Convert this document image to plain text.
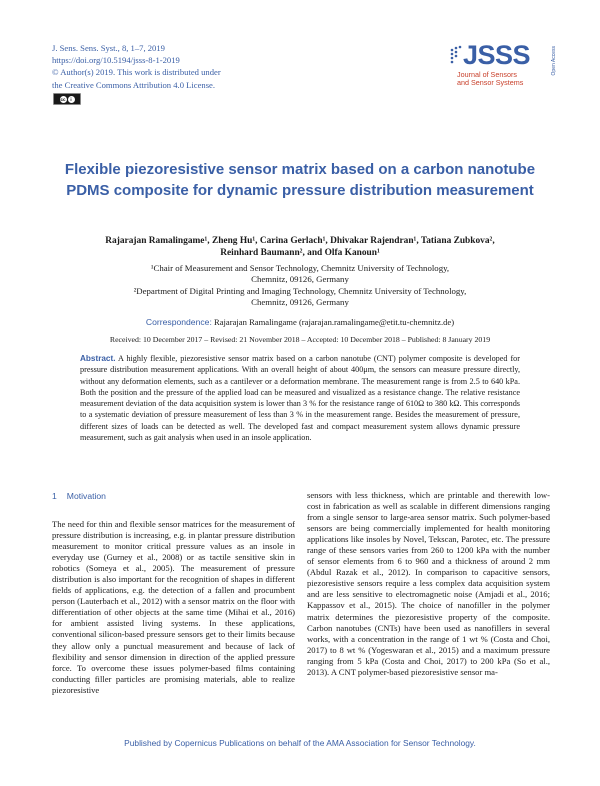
J. Sens. Sens. Syst., 8, 1–7, 2019
https://doi.org/10.5194/jsss-8-1-2019
© Author(s) 2019. This work is distributed under
the Creative Commons Attribution 4.0 License.
cc	i
JSSS	Open Access
Journal of Sensors
and Sensor Systems
Flexible piezoresistive sensor matrix based on a carbon nanotube PDMS composite for dynamic pressure distribution measurement
Rajarajan Ramalingame¹, Zheng Hu¹, Carina Gerlach¹, Dhivakar Rajendran¹, Tatiana Zubkova²,
Reinhard Baumann², and Olfa Kanoun¹
¹Chair of Measurement and Sensor Technology, Chemnitz University of Technology,
Chemnitz, 09126, Germany
²Department of Digital Printing and Imaging Technology, Chemnitz University of Technology,
Chemnitz, 09126, Germany
Correspondence: Rajarajan Ramalingame (rajarajan.ramalingame@etit.tu-chemnitz.de)
Received: 10 December 2017 – Revised: 21 November 2018 – Accepted: 10 December 2018 – Published: 8 January 2019
Abstract. A highly flexible, piezoresistive sensor matrix based on a carbon nanotube (CNT) polymer composite is developed for pressure distribution measurement applications. With an overall height of about 400μm, the sensors can measure pressure directly, without any deformation elements, such as a cantilever or a deformation membrane. The measurement range is from 2.5 to 640 kPa. Both the position and the pressure of the applied load can be measured and visualized as a resistance change. The relative resistance measurement deviation of the data acquisition system is lower than 3 % for the resistance range of 610Ω to 380 kΩ. This corresponds to a systematic deviation of pressure measurement of less than 3 % in the measurement range. Besides the measurement of pressure, different sizes of loads can be detected as well. The developed fast and compact measurement system allows dynamic pressure measurement, such as gait analysis when used in an insole application.
1 Motivation
The need for thin and flexible sensor matrices for the measurement of pressure distribution is increasing, e.g. in plantar pressure distribution measurement to monitor critical pressure values as an insole in everyday use (Gurney et al., 2008) or as tactile sensitive skin in robotics (Someya et al., 2005). The measurement of pressure distribution is also important for the recognition of shapes in different fields of applications, e.g. the detection of a fallen and procumbent person (Lauterbach et al., 2012) with a sensor matrix on the floor with differentiation of other objects at the same time (Mihai et al., 2016) for ambient assisted living systems. In these applications, conventional silicon-based pressure sensors get to their limits because they allow only a punctual measurement and because of lack of flexibility and sensor dimension in direction of the applied pressure force. To overcome these issues polymer-based films containing conducting filler particles are promising materials, able to realize piezoresistive
sensors with less thickness, which are printable and therewith low-cost in fabrication as well as scalable in different dimensions ranging from a single sensor to large-area sensor matrix. Such polymer-based sensors are being commercially implemented for health monitoring applications like insoles by Novel, Tekscan, Parotec, etc. The pressure range of these sensors varies from 260 to 1200 kPa with the number of sensor elements from 6 to 960 and a thickness of around 2 mm (Abdul Razak et al., 2012). In comparison to capacitive sensors, piezoresistive sensors require a less complex data acquisition system and are less sensitive to electromagnetic noise (Amjadi et al., 2016; Kappassov et al., 2015). The choice of nanofiller in the polymer matrix determines the piezoresistive property of the composite. Carbon nanotubes (CNTs) have been used as nanofillers in several works, with a concentration in the range of 1 wt % (Costa and Choi, 2017) to 8 wt % (Yogeswaran et al., 2015) and a maximum pressure ranging from 5 kPa (Costa and Choi, 2017) to 200 kPa (So et al., 2013). A CNT polymer-based piezoresistive sensor ma-
Published by Copernicus Publications on behalf of the AMA Association for Sensor Technology.
